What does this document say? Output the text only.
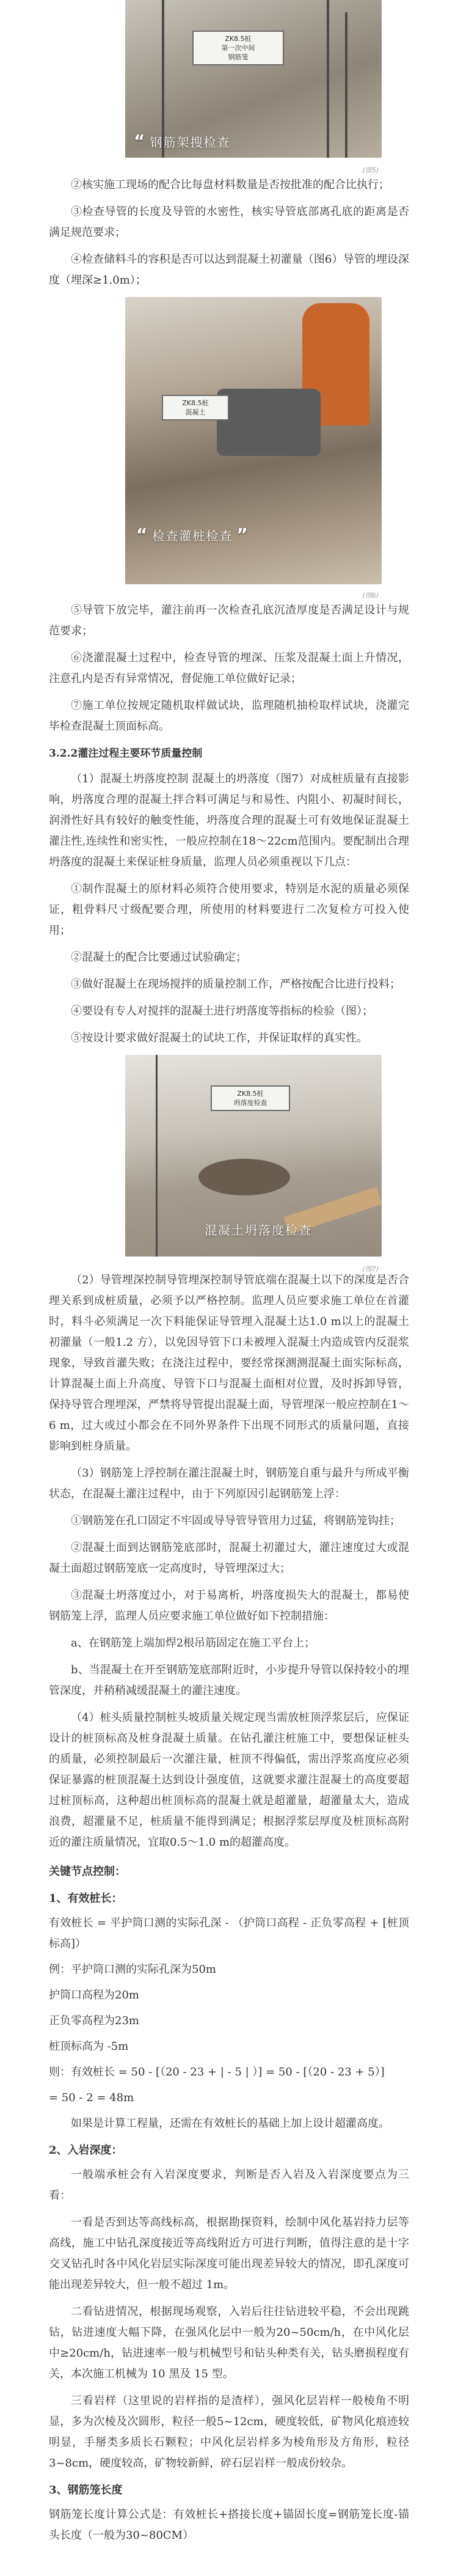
ZK8.5桩
第一次中间
钢筋笼
“ 钢筋架搜检查
(图5)

②核实施工现场的配合比每盘材料数量是否按批准的配合比执行；

③检查导管的长度及导管的水密性，核实导管底部离孔底的距离是否满足规范要求；

④检查储料斗的容积是否可以达到混凝土初灌量（图6）导管的埋设深度（埋深≥1.0m）；

ZK8.5桩
混凝土
“ 检查灌桩检查 ”
(图6)

⑤导管下放完毕，灌注前再一次检查孔底沉渣厚度是否满足设计与规范要求；

⑥浇灌混凝土过程中，检查导管的埋深、压浆及混凝土面上升情况，注意孔内是否有异常情况，督促施工单位做好记录；

⑦施工单位按规定随机取样做试块，监理随机抽检取样试块，浇灌完毕检查混凝土顶面标高。

3.2.2灌注过程主要环节质量控制

（1）混凝土坍落度控制 混凝土的坍落度（图7）对成桩质量有直接影响，坍落度合理的混凝土拌合料可满足与和易性、内阻小、初凝时间长，润滑性好具有较好的触变性能，坍落度合理的混凝土可有效地保证混凝土灌注性,连续性和密实性，一般应控制在18～22cm范围内。要配制出合理坍落度的混凝土来保证桩身质量，监理人员必须重视以下几点：

①制作混凝土的原材料必须符合使用要求，特别是水泥的质量必须保证，粗骨料尺寸级配要合理，所使用的材料要进行二次复检方可投入使用；

②混凝土的配合比要通过试验确定；

③做好混凝土在现场搅拌的质量控制工作，严格按配合比进行投料；

④要设有专人对搅拌的混凝土进行坍落度等指标的检验（图）；

⑤按设计要求做好混凝土的试块工作，并保证取样的真实性。

ZK8.5桩
坍落度检查
混凝土坍落度检查
(图7)

（2）导管埋深控制导管埋深控制导管底端在混凝土以下的深度是否合理关系到成桩质量，必须予以严格控制。监理人员应要求施工单位在首灌时，料斗必须满足一次下料能保证导管埋入混凝土达1.0 m以上的混凝土初灌量（一般1.2 方），以免因导管下口未被埋入混凝土内造成管内反混浆现象，导致首灌失败；在浇注过程中，要经常探测测混凝土面实际标高，计算混凝土面上升高度、导管下口与混凝土面相对位置，及时拆卸导管，保持导管合理埋深，严禁将导管提出混凝土面，导管埋深一般应控制在1～6 m，过大或过小都会在不同外界条件下出现不同形式的质量问题，直接影响到桩身质量。

（3）钢筋笼上浮控制在灌注混凝土时，钢筋笼自重与最升与所成平衡状态，在混凝土灌注过程中，由于下列原因引起钢筋笼上浮：

①钢筋笼在孔口固定不牢固或导导管导管用力过猛，将钢筋笼钩挂；

②混凝土面到达钢筋笼底部时，混凝土初灌过大，灌注速度过大或混凝土面超过钢筋笼底一定高度时，导管埋深过大；

③混凝土坍落度过小，对于易离析，坍落度损失大的混凝土，都易使钢筋笼上浮，监理人员应要求施工单位做好如下控制措施：

a、在钢筋笼上端加焊2根吊筋固定在施工平台上；

b、当混凝土在开至钢筋笼底部附近时，小步提升导管以保持较小的埋管深度，并稍稍减缓混凝土的灌注速度。

（4）桩头质量控制桩头坡质量关规定现当需放桩顶浮浆层后，应保证设计的桩顶标高及桩身混凝土质量。在钻孔灌注桩施工中，要想保证桩头的质量，必须控制最后一次灌注量，桩顶不得偏低，需出浮浆高度应必须保证暴露的桩顶混凝土达到设计强度值，这就要求灌注混凝土的高度要超过桩顶标高，这种超出桩顶标高的混凝土就是超灌量，超灌量太大，造成浪费，超灌量不足，桩质量不能得到满足；根据浮浆层厚度及桩顶标高附近的灌注质量情况，宜取0.5～1.0 m的超灌高度。

关键节点控制：

1、有效桩长：

有效桩长 = 平护筒口测的实际孔深 - （护筒口高程 - 正负零高程 + [桩顶标高]）

例：平护筒口测的实际孔深为50m

护筒口高程为20m

正负零高程为23m

桩顶标高为 -5m

则：有效桩长 = 50 - [（20 - 23 + | - 5 | ）] = 50 - [（20 - 23 + 5）]

= 50 - 2 = 48m

如果是计算工程量，还需在有效桩长的基础上加上设计超灌高度。

2、入岩深度：

一般端承桩会有入岩深度要求，判断是否入岩及入岩深度要点为三看：

一看是否到达等高线标高，根据勘探资料，绘制中风化基岩持力层等高线，施工中钻孔深度接近等高线附近方可进行判断，值得注意的是十字交叉钻孔时各中风化岩层实际深度可能出现差异较大的情况，即孔深度可能出现差异较大，但一般不超过 1m。

二看钻进情况，根据现场观察，入岩后往往钻进较平稳，不会出现跳钻，钻进速度大幅下降，在强风化层中一般为20~50cm/h，在中风化层中≥20cm/h，钻进速率一般与机械型号和钻头种类有关，钻头磨损程度有关，本次施工机械为 10 黑及 15 型。

三看岩样（这里说的岩样指的是渣样），强风化层岩样一般棱角不明显，多为次棱及次圆形，粒径一般5~12cm，硬度较低，矿物风化痕迹较明显，手掰类多质长石颗粒；中风化层岩样多为棱角形及方角形，粒径3~8cm，硬度较高，矿物较新鲜，碎石层岩样一般成份较杂。

3、钢筋笼长度

钢筋笼长度计算公式是：有效桩长+搭接长度+锚固长度=钢筋笼长度-锚头长度（一般为30~80CM）
